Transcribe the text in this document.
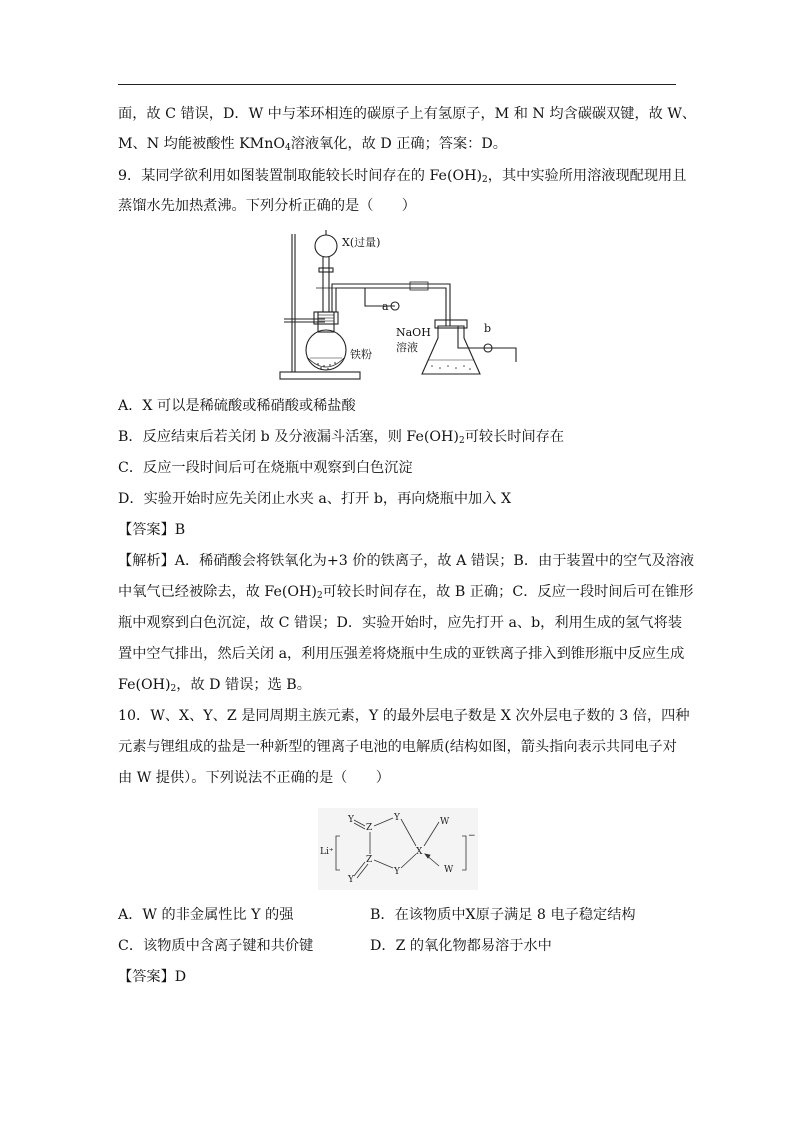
面，故 C 错误，D．W 中与苯环相连的碳原子上有氢原子，M 和 N 均含碳碳双键，故 W、
M、N 均能被酸性 KMnO$_4$溶液氧化，故 D 正确；答案：D。
9．某同学欲利用如图装置制取能较长时间存在的 $Fe(OH)_2$，其中实验所用溶液现配现用且
蒸馏水先加热煮沸。下列分析正确的是（　　）
X(过量)
a
b
NaOH
溶液
铁粉
A．X 可以是稀硫酸或稀硝酸或稀盐酸
B．反应结束后若关闭 b 及分液漏斗活塞，则 $Fe(OH)_2$可较长时间存在
C．反应一段时间后可在烧瓶中观察到白色沉淀
D．实验开始时应先关闭止水夹 a、打开 b，再向烧瓶中加入 X
【答案】B
【解析】A．稀硝酸会将铁氧化为+3 价的铁离子，故 A 错误；B．由于装置中的空气及溶液
中氧气已经被除去，故 $Fe(OH)_2$可较长时间存在，故 B 正确；C．反应一段时间后可在锥形
瓶中观察到白色沉淀，故 C 错误；D．实验开始时，应先打开 a、b，利用生成的氢气将装
置中空气排出，然后关闭 a，利用压强差将烧瓶中生成的亚铁离子排入到锥形瓶中反应生成
$Fe(OH)_2$，故 D 错误；选 B。
10．W、X、Y、Z 是同周期主族元素，Y 的最外层电子数是 X 次外层电子数的 3 倍，四种
元素与锂组成的盐是一种新型的锂离子电池的电解质(结构如图，箭头指向表示共同电子对
由 W 提供）。下列说法不正确的是（　　）
Li⁺
Y
Z
Y
X
W
W
Z
Y
Y
−
A．W 的非金属性比 Y 的强	B．在该物质中X原子满足 8 电子稳定结构
C．该物质中含离子键和共价键	D．Z 的氧化物都易溶于水中
【答案】D
